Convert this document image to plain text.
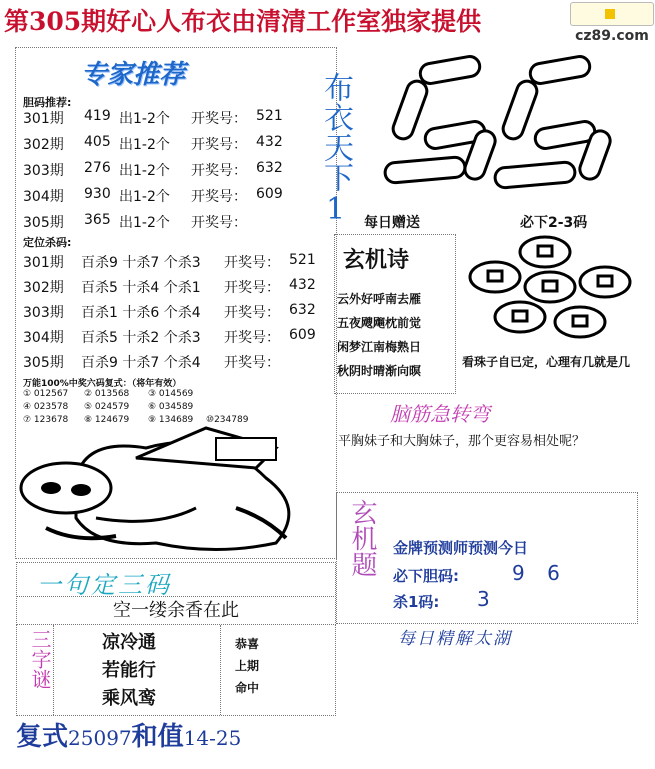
第305期好心人布衣由清清工作室独家提供	cz89.com
专家推荐
胆码推荐:
301期 419 出1-2个 开奖号： 521
302期 405 出1-2个 开奖号： 432
303期 276 出1-2个 开奖号： 632
304期 930 出1-2个 开奖号： 609
305期 365 出1-2个 开奖号：
定位杀码:
301期 百杀9 十杀7 个杀3 开奖号： 521
302期 百杀5 十杀4 个杀1 开奖号： 432
303期 百杀1 十杀6 个杀4 开奖号： 632
304期 百杀5 十杀2 个杀3 开奖号： 609
305期 百杀9 十杀7 个杀4 开奖号：
万能100%中奖六码复式：（将年有效）
① 012567 ② 013568 ③ 014569
④ 023578 ⑤ 024579 ⑥ 034589
⑦ 123678 ⑧ 124679 ⑨ 134689 ⑩234789
布衣天下1 每日赠送	必下2-3码
玄机诗
云外好呼南去雁
五夜飕飗枕前觉
闲梦江南梅熟日
秋阴时晴渐向暝
看珠子自已定，心理有几就是几
脑筋急转弯
平胸妹子和大胸妹子，那个更容易相处呢？
玄机题 金牌预测师预测今日
必下胆码:	9 6
杀1码: 3
每日精解太湖
一句定三码
空一缕余香在此
三字谜	凉冷通
若能行
乘风鸾
恭喜
上期
命中
复式25097和值14-25
